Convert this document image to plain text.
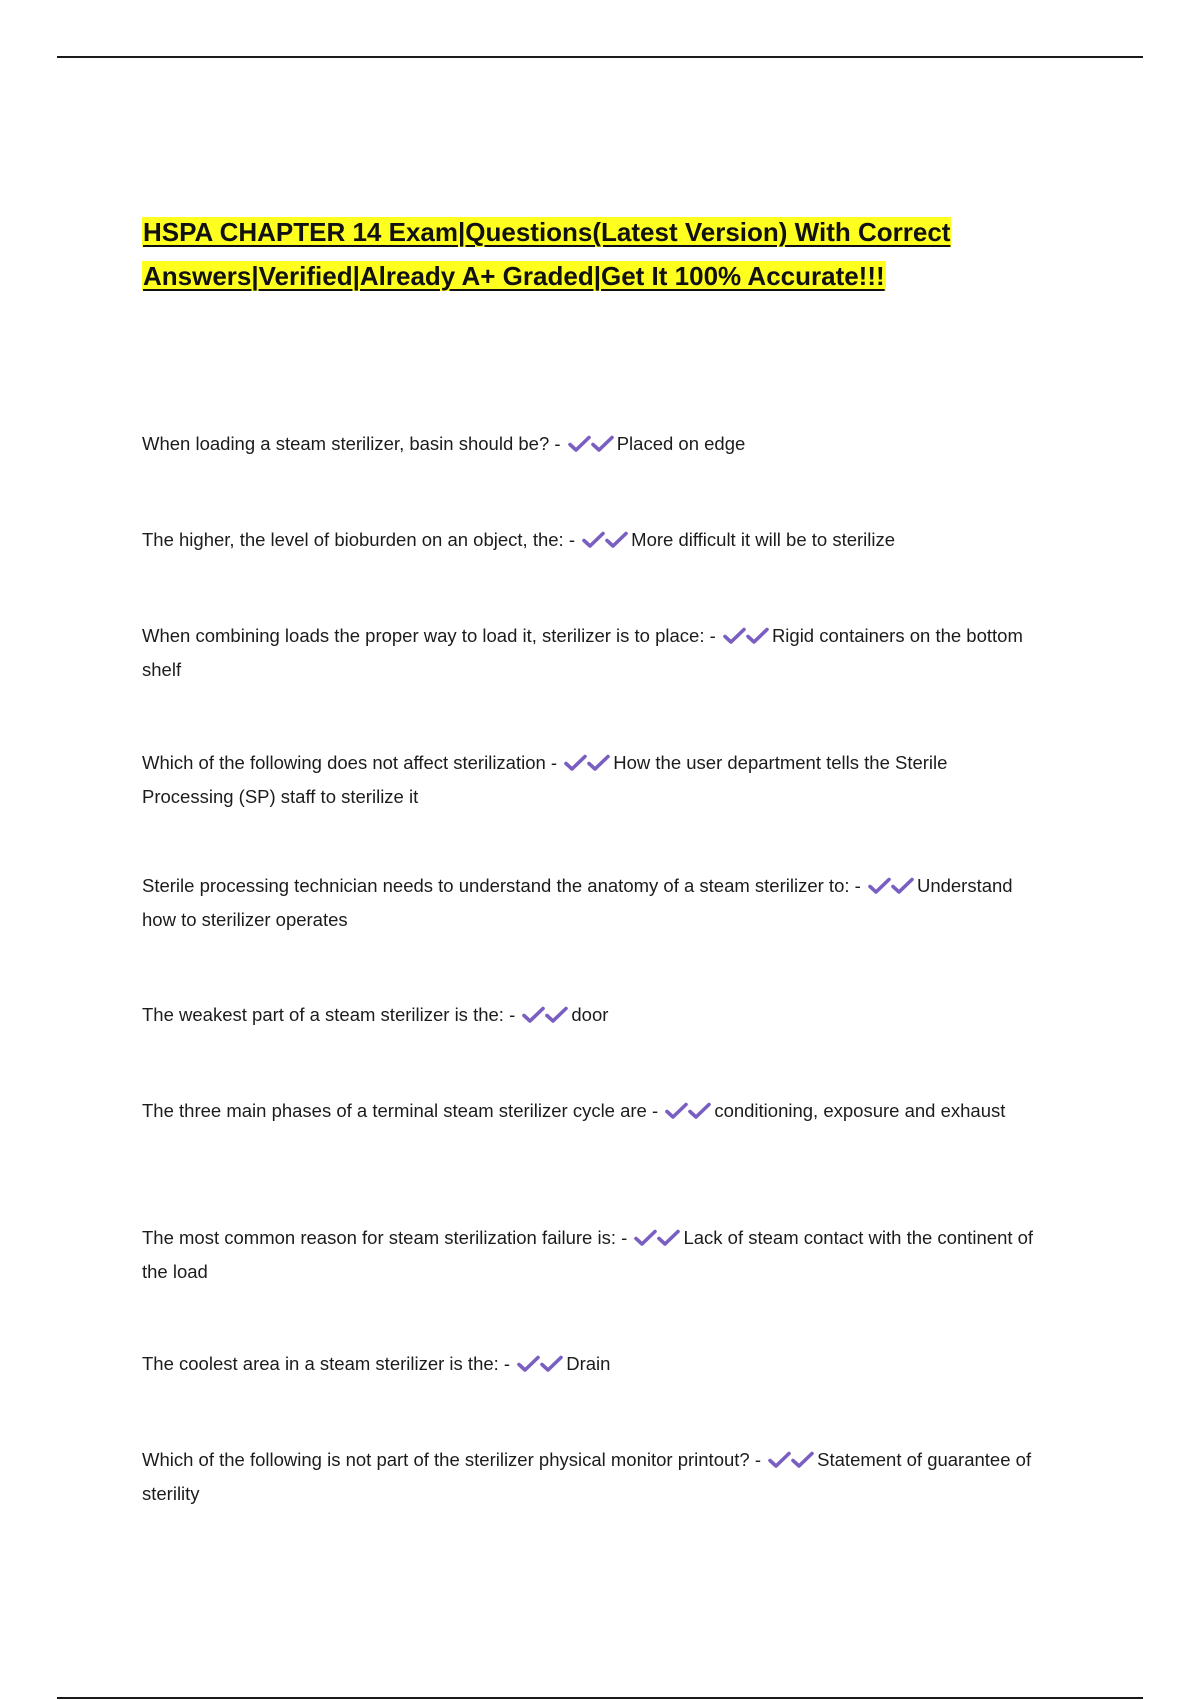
HSPA CHAPTER 14 Exam|Questions(Latest Version) With Correct Answers|Verified|Already A+ Graded|Get It 100% Accurate!!!
When loading a steam sterilizer, basin should be? -	Placed on edge
The higher, the level of bioburden on an object, the: -	More difficult it will be to sterilize
When combining loads the proper way to load it, sterilizer is to place: -	Rigid containers on the bottom shelf
Which of the following does not affect sterilization -	How the user department tells the Sterile Processing (SP) staff to sterilize it
Sterile processing technician needs to understand the anatomy of a steam sterilizer to: -	Understand how to sterilizer operates
The weakest part of a steam sterilizer is the: -	door
The three main phases of a terminal steam sterilizer cycle are -	conditioning, exposure and exhaust
The most common reason for steam sterilization failure is: -	Lack of steam contact with the continent of the load
The coolest area in a steam sterilizer is the: -	Drain
Which of the following is not part of the sterilizer physical monitor printout? -	Statement of guarantee of sterility
